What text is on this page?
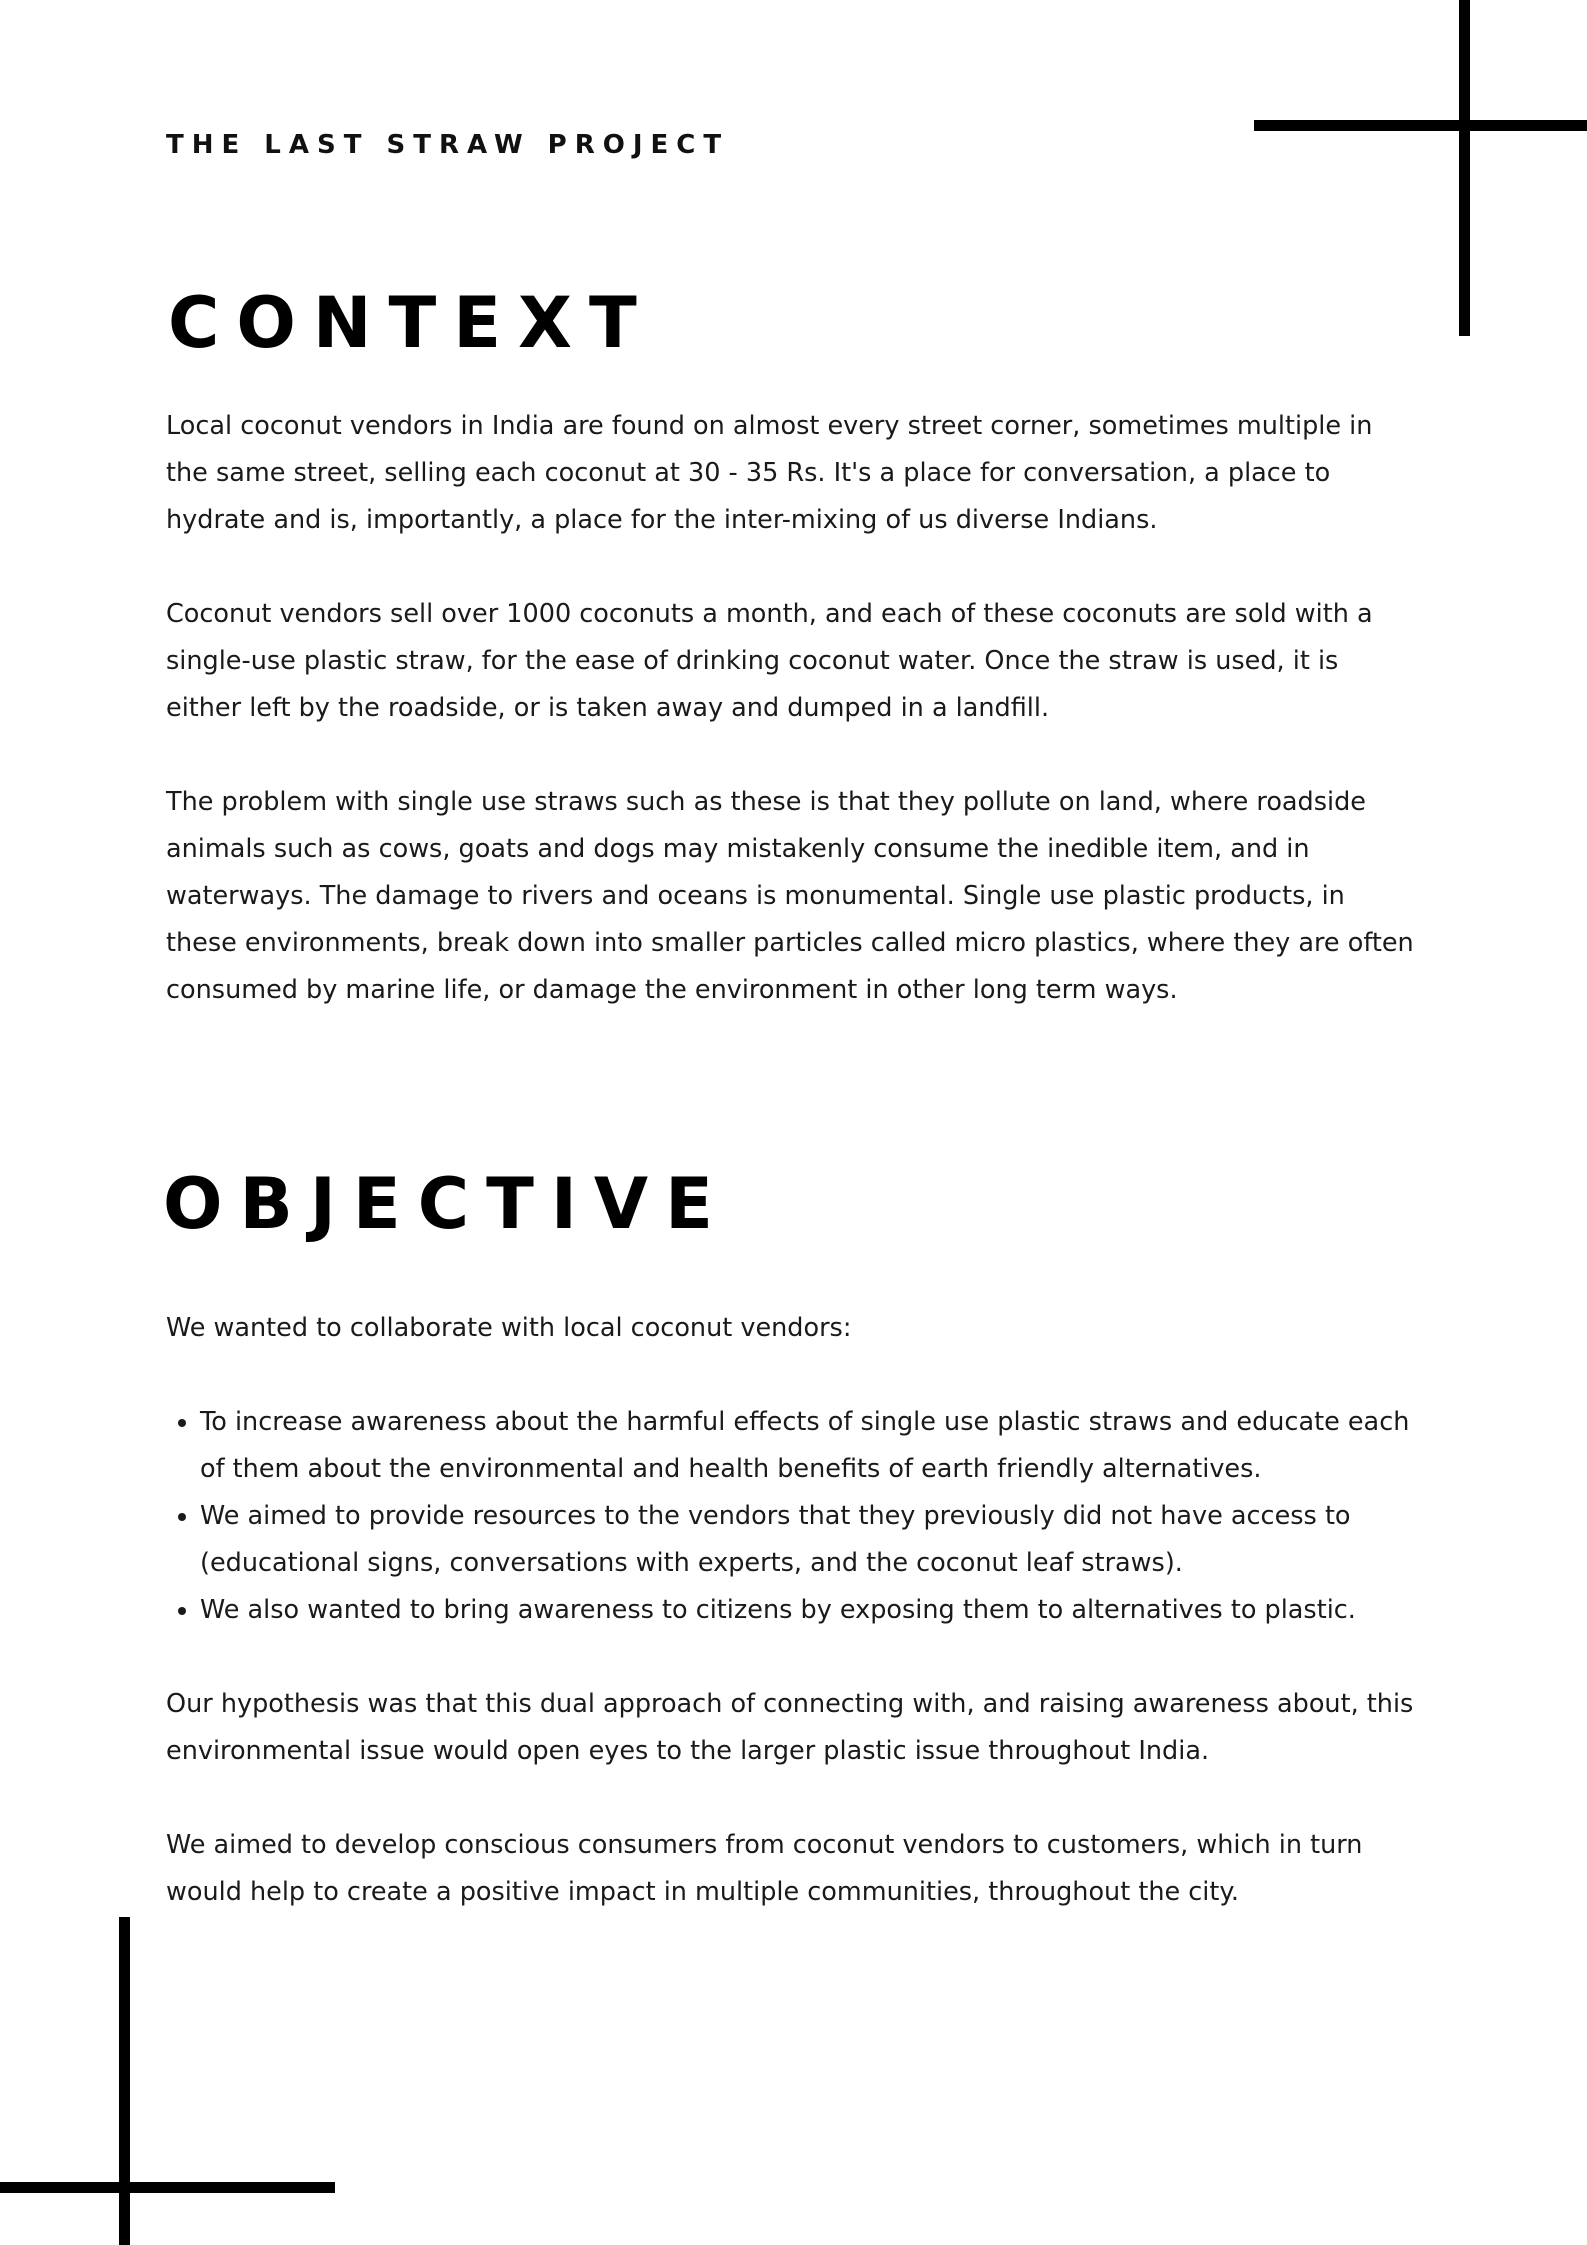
THE LAST STRAW PROJECT
CONTEXT

Local coconut vendors in India are found on almost every street corner, sometimes multiple in the same street, selling each coconut at 30 - 35 Rs. It's a place for conversation, a place to hydrate and is, importantly, a place for the inter-mixing of us diverse Indians.

Coconut vendors sell over 1000 coconuts a month, and each of these coconuts are sold with a single-use plastic straw, for the ease of drinking coconut water. Once the straw is used, it is either left by the roadside, or is taken away and dumped in a landfill.

The problem with single use straws such as these is that they pollute on land, where roadside animals such as cows, goats and dogs may mistakenly consume the inedible item, and in waterways. The damage to rivers and oceans is monumental. Single use plastic products, in these environments, break down into smaller particles called micro plastics, where they are often consumed by marine life, or damage the environment in other long term ways.

OBJECTIVE

We wanted to collaborate with local coconut vendors:

To increase awareness about the harmful effects of single use plastic straws and educate each of them about the environmental and health benefits of earth friendly alternatives.
We aimed to provide resources to the vendors that they previously did not have access to (educational signs, conversations with experts, and the coconut leaf straws).
We also wanted to bring awareness to citizens by exposing them to alternatives to plastic.

Our hypothesis was that this dual approach of connecting with, and raising awareness about, this environmental issue would open eyes to the larger plastic issue throughout India.

We aimed to develop conscious consumers from coconut vendors to customers, which in turn would help to create a positive impact in multiple communities, throughout the city.
